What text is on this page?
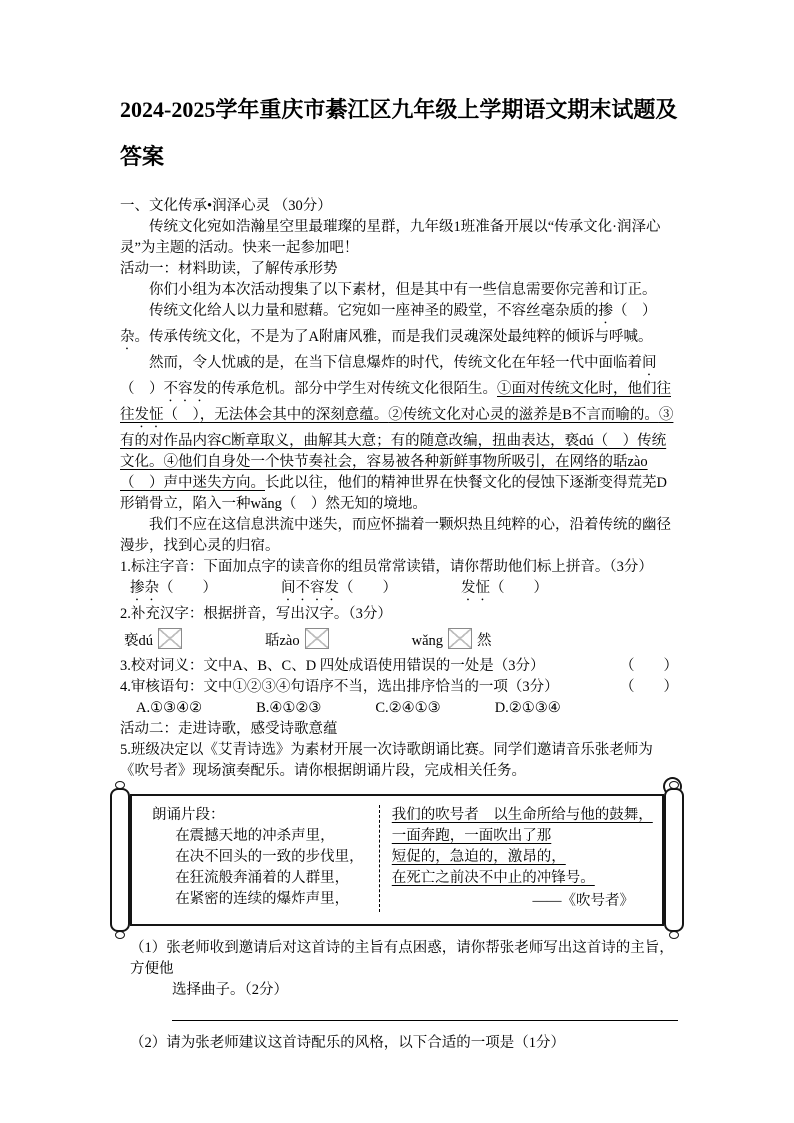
2024-2025学年重庆市綦江区九年级上学期语文期末试题及
答案
一、文化传承•润泽心灵 （30分）

传统文化宛如浩瀚星空里最璀璨的星群，九年级1班准备开展以“传承文化·润泽心灵”为主题的活动。快来一起参加吧！

活动一：材料助读，了解传承形势

你们小组为本次活动搜集了以下素材，但是其中有一些信息需要你完善和订正。

传统文化给人以力量和慰藉。它宛如一座神圣的殿堂，不容丝毫杂质的掺（　）杂。传承传统文化，不是为了A附庸风雅，而是我们灵魂深处最纯粹的倾诉与呼喊。

然而，令人忧戚的是，在当下信息爆炸的时代，传统文化在年轻一代中面临着间（　）不容发的传承危机。部分中学生对传统文化很陌生。①面对传统文化时，他们往往发怔（　），无法体会其中的深刻意蕴。②传统文化对心灵的滋养是B不言而喻的。③有的对作品内容C断章取义，曲解其大意；有的随意改编，扭曲表达，亵dú（　）传统文化。④他们自身处一个快节奏社会，容易被各种新鲜事物所吸引，在网络的聒zào（　）声中迷失方向。长此以往，他们的精神世界在快餐文化的侵蚀下逐渐变得荒芜D形销骨立，陷入一种wǎng（　）然无知的境地。

我们不应在这信息洪流中迷失，而应怀揣着一颗炽热且纯粹的心，沿着传统的幽径漫步，找到心灵的归宿。

1.标注字音：下面加点字的读音你的组员常常读错，请你帮助他们标上拼音。（3分）
掺杂（　　）	间不容发（　　）	发怔（　　）
2.补充汉字：根据拼音，写出汉字。（3分）
亵dú	聒zào	wǎng 然
3.校对词义：文中A、B、C、D 四处成语使用错误的一处是（3分）	（　　）
4.审核语句：文中①②③④句语序不当，选出排序恰当的一项（3分）	（　　）
A.①③④②	B.④①②③	C.②④①③	D.②①③④
活动二：走进诗歌，感受诗歌意蕴

5.班级决定以《艾青诗选》为素材开展一次诗歌朗诵比赛。同学们邀请音乐张老师为《吹号者》现场演奏配乐。请你根据朗诵片段，完成相关任务。

朗诵片段：
在震撼天地的冲杀声里，
在决不回头的一致的步伐里，
在狂流般奔涌着的人群里，
在紧密的连续的爆炸声里，
我们的吹号者　以生命所给与他的鼓舞，
一面奔跑，一面吹出了那
短促的，急迫的，激昂的，
在死亡之前决不中止的冲锋号。
——《吹号者》

（1）张老师收到邀请后对这首诗的主旨有点困惑，请你帮张老师写出这首诗的主旨，方便他

选择曲子。（2分）

（2）请为张老师建议这首诗配乐的风格，以下合适的一项是（1分）
